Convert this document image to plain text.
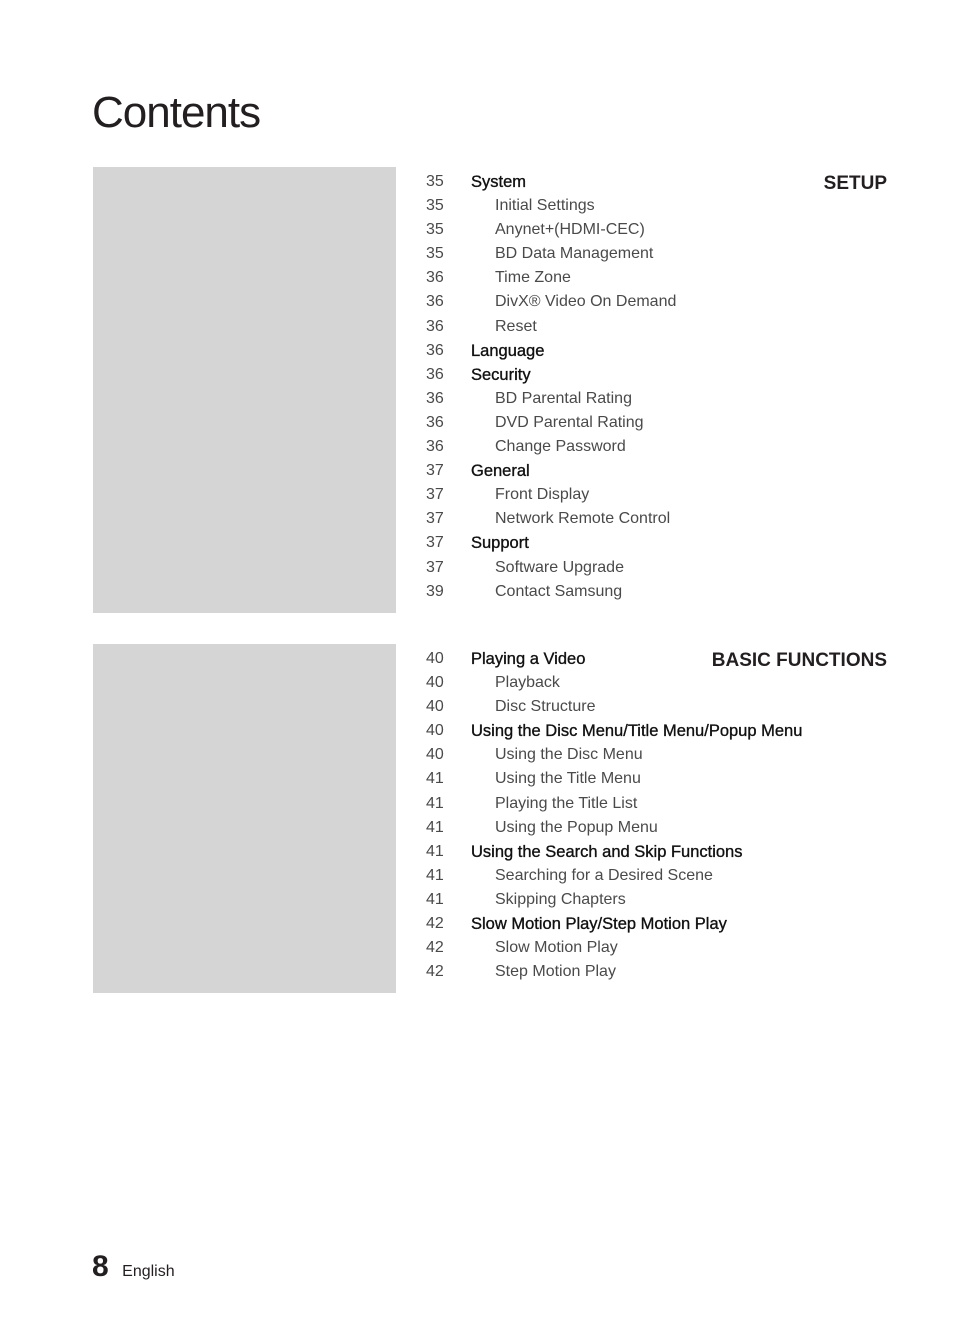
Contents
SETUP
35 System
35	Initial Settings
35	Anynet+(HDMI-CEC)
35	BD Data Management
36	Time Zone
36	DivX® Video On Demand
36	Reset
36 Language
36 Security
36	BD Parental Rating
36	DVD Parental Rating
36	Change Password
37 General
37	Front Display
37	Network Remote Control
37 Support
37	Software Upgrade
39	Contact Samsung
BASIC FUNCTIONS
40 Playing a Video
40	Playback
40	Disc Structure
40 Using the Disc Menu/Title Menu/Popup Menu
40	Using the Disc Menu
41	Using the Title Menu
41	Playing the Title List
41	Using the Popup Menu
41 Using the Search and Skip Functions
41	Searching for a Desired Scene
41	Skipping Chapters
42 Slow Motion Play/Step Motion Play
42	Slow Motion Play
42	Step Motion Play
8 English
